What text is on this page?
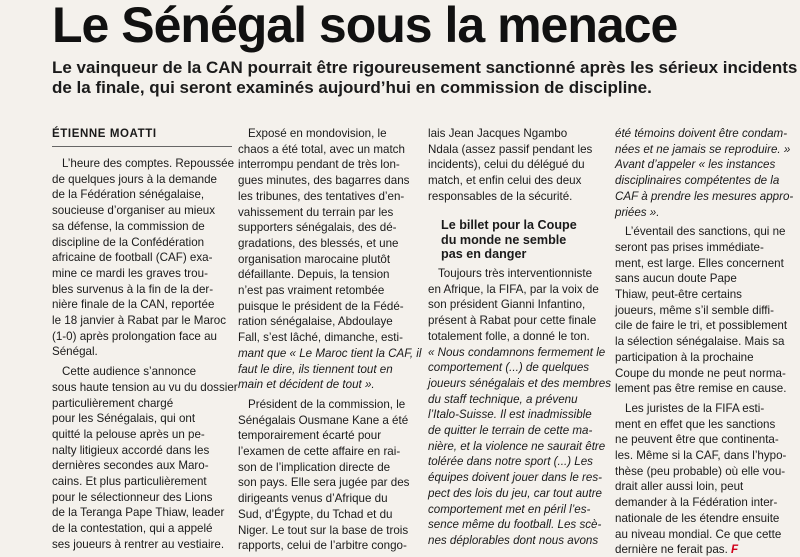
Le Sénégal sous la menace
Le vainqueur de la CAN pourrait être rigoureusement sanctionné après les sérieux incidents
de la finale, qui seront examinés aujourd’hui en commission de discipline.
ÉTIENNE MOATTI
L’heure des comptes. Repoussée
de quelques jours à la demande
de la Fédération sénégalaise,
soucieuse d’organiser au mieux
sa défense, la commission de
discipline de la Confédération
africaine de football (CAF) exa-
mine ce mardi les graves trou-
bles survenus à la fin de la der-
nière finale de la CAN, reportée
le 18 janvier à Rabat par le Maroc
(1-0) après prolongation face au
Sénégal.
Cette audience s’annonce
sous haute tension au vu du dossier
particulièrement chargé
pour les Sénégalais, qui ont
quitté la pelouse après un pe-
nalty litigieux accordé dans les
dernières secondes aux Maro-
cains. Et plus particulièrement
pour le sélectionneur des Lions
de la Teranga Pape Thiaw, leader
de la contestation, qui a appelé
ses joueurs à rentrer au vestiaire.
Exposé en mondovision, le
chaos a été total, avec un match
interrompu pendant de très lon-
gues minutes, des bagarres dans
les tribunes, des tentatives d’en-
vahissement du terrain par les
supporters sénégalais, des dé-
gradations, des blessés, et une
organisation marocaine plutôt
défaillante. Depuis, la tension
n’est pas vraiment retombée
puisque le président de la Fédé-
ration sénégalaise, Abdoulaye
Fall, s’est lâché, dimanche, esti-
mant que « Le Maroc tient la CAF, il
faut le dire, ils tiennent tout en
main et décident de tout ».
Président de la commission, le
Sénégalais Ousmane Kane a été
temporairement écarté pour
l’examen de cette affaire en rai-
son de l’implication directe de
son pays. Elle sera jugée par des
dirigeants venus d’Afrique du
Sud, d’Égypte, du Tchad et du
Niger. Le tout sur la base de trois
rapports, celui de l’arbitre congo-
lais Jean Jacques Ngambo
Ndala (assez passif pendant les
incidents), celui du délégué du
match, et enfin celui des deux
responsables de la sécurité.
Le billet pour la Coupe
du monde ne semble
pas en danger
Toujours très interventionniste
en Afrique, la FIFA, par la voix de
son président Gianni Infantino,
présent à Rabat pour cette finale
totalement folle, a donné le ton.
« Nous condamnons fermement le
comportement (...) de quelques
joueurs sénégalais et des membres
du staff technique, a prévenu
l’Italo-Suisse. Il est inadmissible
de quitter le terrain de cette ma-
nière, et la violence ne saurait être
tolérée dans notre sport (...) Les
équipes doivent jouer dans le res-
pect des lois du jeu, car tout autre
comportement met en péril l’es-
sence même du football. Les scè-
nes déplorables dont nous avons
été témoins doivent être condam-
nées et ne jamais se reproduire. »
Avant d’appeler « les instances
disciplinaires compétentes de la
CAF à prendre les mesures appro-
priées ».
L’éventail des sanctions, qui ne
seront pas prises immédiate-
ment, est large. Elles concernent
sans aucun doute Pape
Thiaw, peut-être certains
joueurs, même s’il semble diffi-
cile de faire le tri, et possiblement
la sélection sénégalaise. Mais sa
participation à la prochaine
Coupe du monde ne peut norma-
lement pas être remise en cause.
Les juristes de la FIFA esti-
ment en effet que les sanctions
ne peuvent être que continenta-
les. Même si la CAF, dans l’hypo-
thèse (peu probable) où elle vou-
drait aller aussi loin, peut
demander à la Fédération inter-
nationale de les étendre ensuite
au niveau mondial. Ce que cette
dernière ne ferait pas. F
